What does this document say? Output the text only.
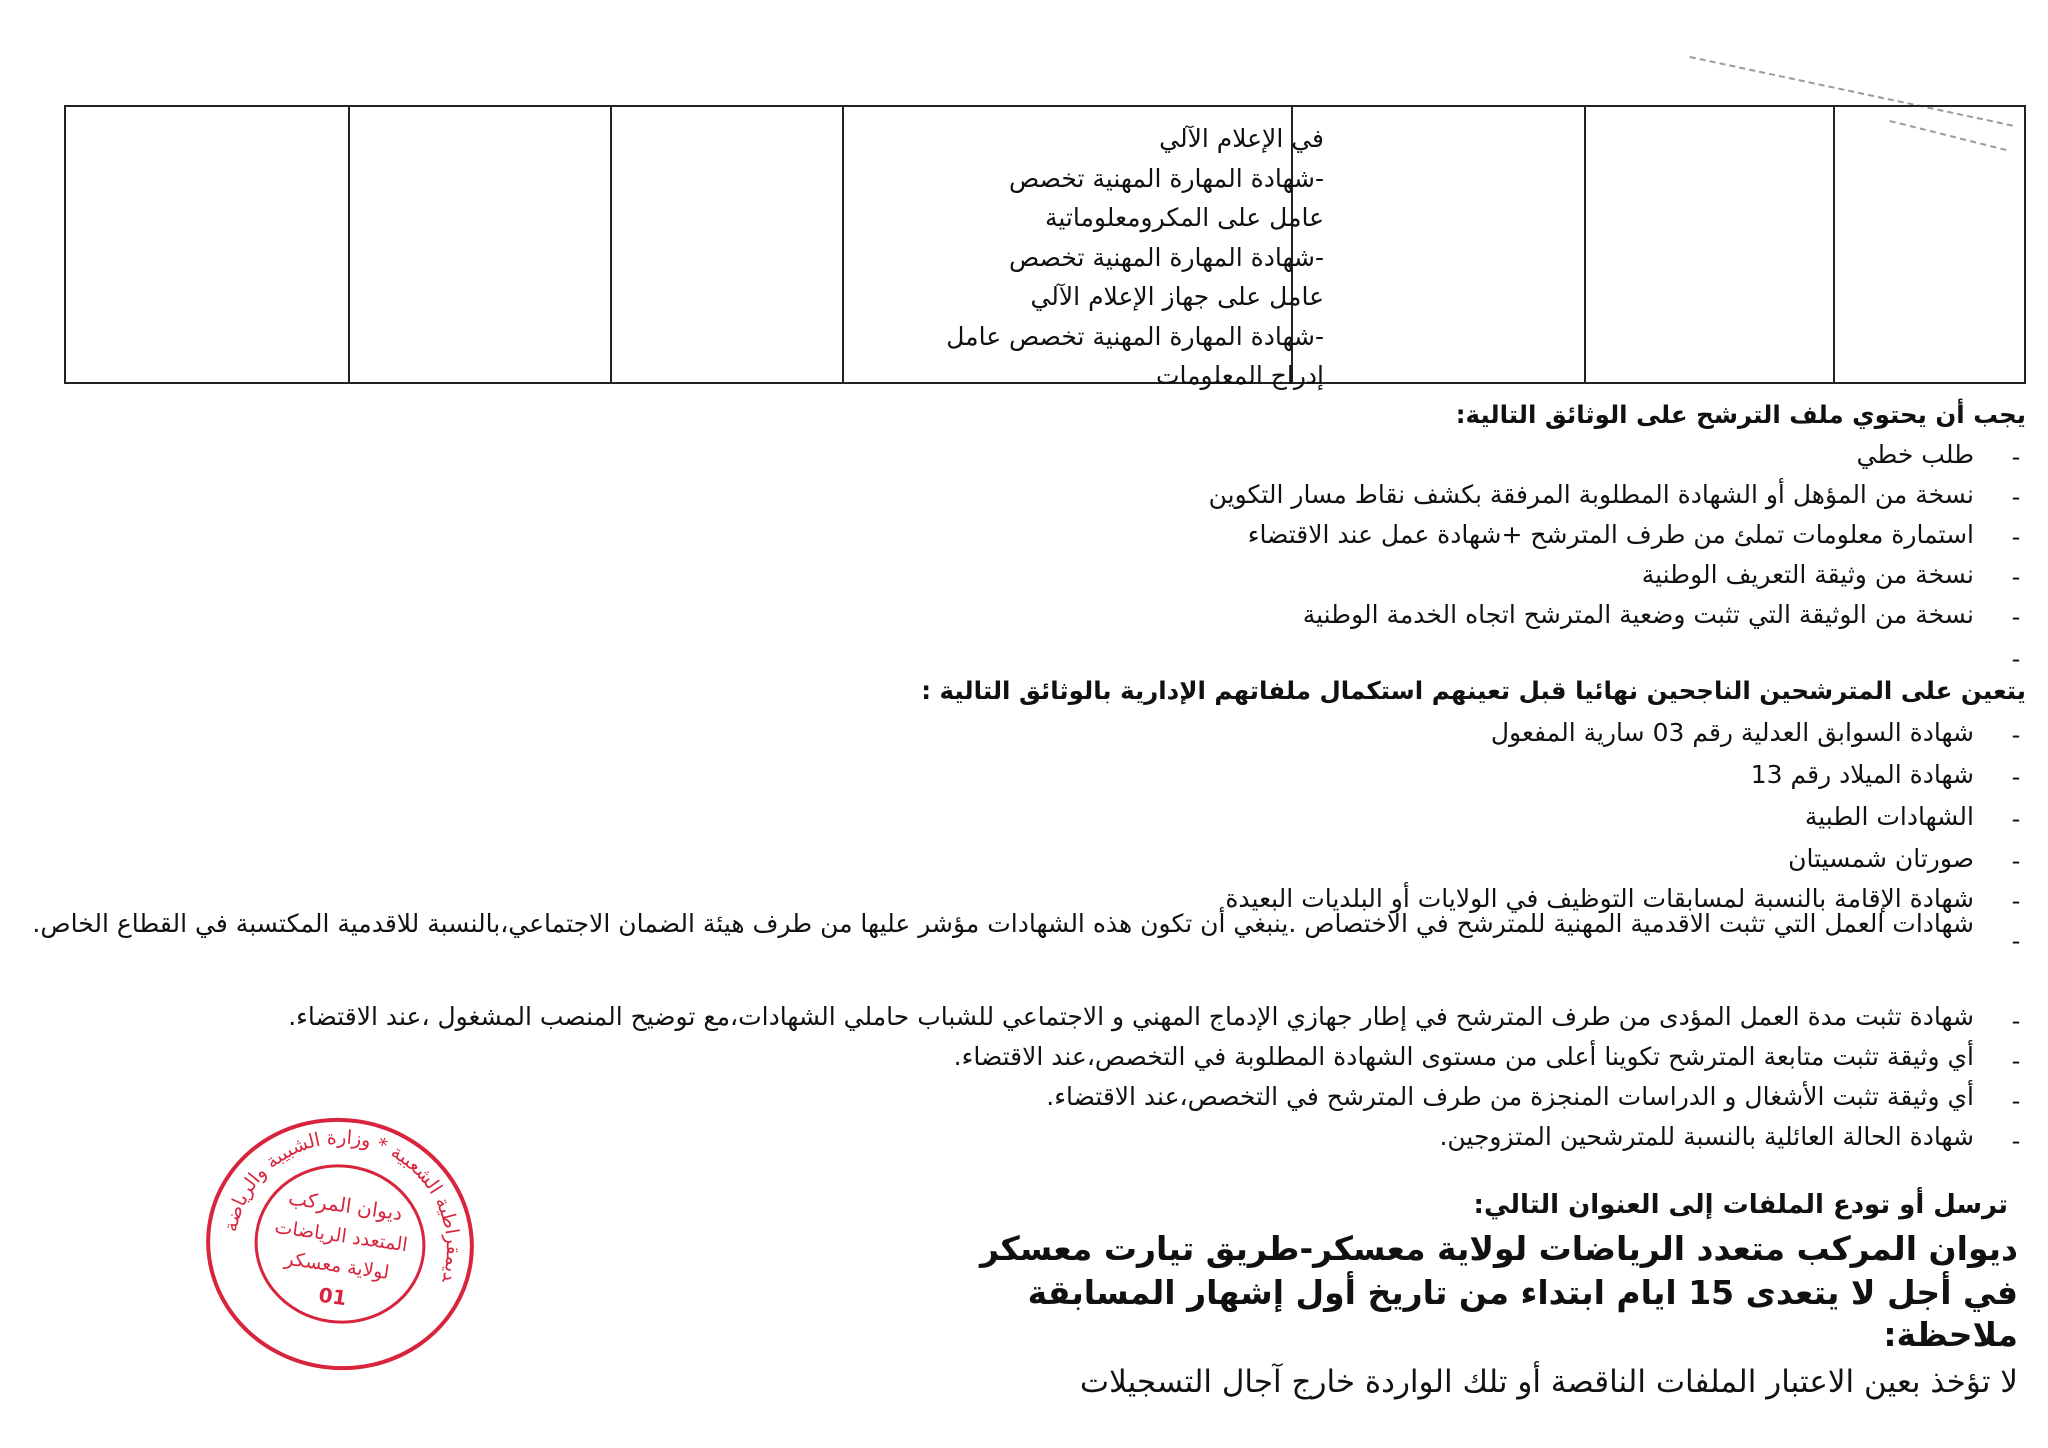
في الإعلام الآلي
-شهادة المهارة المهنية تخصص
عامل على المكرومعلوماتية
-شهادة المهارة المهنية تخصص
عامل على جهاز الإعلام الآلي
-شهادة المهارة المهنية تخصص عامل
إدراج المعلومات
يجب أن يحتوي ملف الترشح على الوثائق التالية:
-
طلب خطي
-
نسخة من المؤهل أو الشهادة المطلوبة المرفقة بكشف نقاط مسار التكوين
-
استمارة معلومات تملئ من طرف المترشح +شهادة عمل عند الاقتضاء
-
نسخة من وثيقة التعريف الوطنية
-
نسخة من الوثيقة التي تثبت وضعية المترشح اتجاه الخدمة الوطنية
-
يتعين على المترشحين الناجحين نهائيا قبل تعينهم استكمال ملفاتهم الإدارية بالوثائق التالية :
-
شهادة السوابق العدلية رقم 03 سارية المفعول
-
شهادة الميلاد رقم 13
-
الشهادات الطبية
-
صورتان شمسيتان
-
شهادة الإقامة بالنسبة لمسابقات التوظيف في الولايات أو البلديات البعيدة
-
شهادات العمل التي تثبت الاقدمية المهنية للمترشح في الاختصاص .ينبغي أن تكون هذه الشهادات مؤشر عليها من طرف هيئة الضمان الاجتماعي،بالنسبة للاقدمية المكتسبة في القطاع الخاص.
-
شهادة تثبت مدة العمل المؤدى من طرف المترشح في إطار جهازي الإدماج المهني و الاجتماعي للشباب حاملي الشهادات،مع توضيح المنصب المشغول ،عند الاقتضاء.
-
أي وثيقة تثبت متابعة المترشح تكوينا أعلى من مستوى الشهادة المطلوبة في التخصص،عند الاقتضاء.
-
أي وثيقة تثبت الأشغال و الدراسات المنجزة من طرف المترشح في التخصص،عند الاقتضاء.
-
شهادة الحالة العائلية بالنسبة للمترشحين المتزوجين.
ترسل أو تودع الملفات إلى العنوان التالي:
ديوان المركب متعدد الرياضات لولاية معسكر-طريق تيارت معسكر
في أجل لا يتعدى 15 ايام ابتداء من تاريخ أول إشهار المسابقة
ملاحظة:
لا تؤخذ بعين الاعتبار الملفات الناقصة أو تلك الواردة خارج آجال التسجيلات
الديمقراطية الشعبية * وزارة الشبيبة والرياضة
ديوان المركب
المتعدد الرياضات
لولاية معسكر
01
